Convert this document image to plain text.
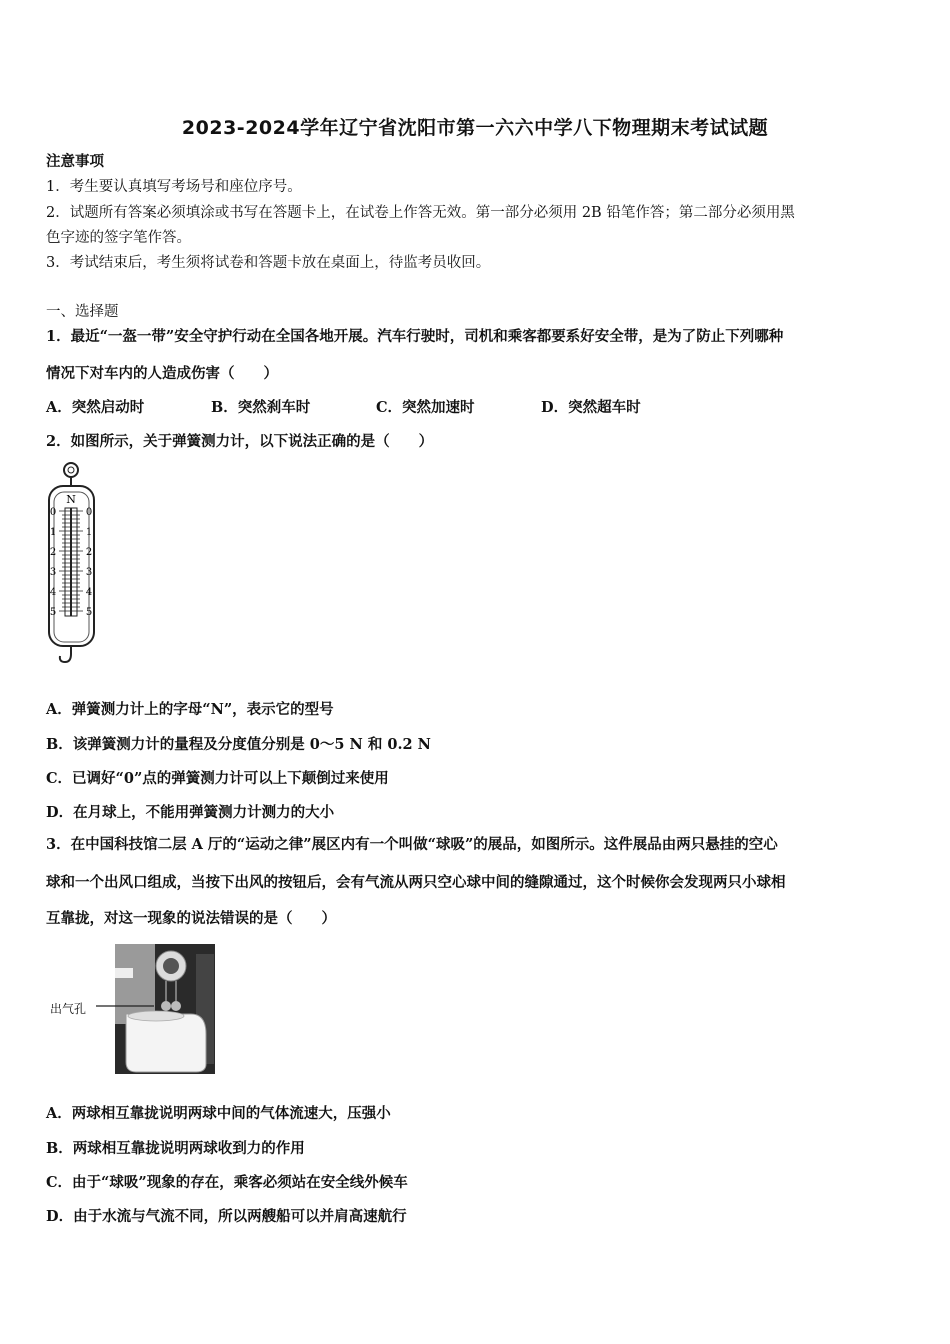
2023-2024学年辽宁省沈阳市第一六六中学八下物理期末考试试题
注意事项
1．考生要认真填写考场号和座位序号。
2．试题所有答案必须填涂或书写在答题卡上，在试卷上作答无效。第一部分必须用 2B 铅笔作答；第二部分必须用黑
色字迹的签字笔作答。
3．考试结束后，考生须将试卷和答题卡放在桌面上，待监考员收回。
一、选择题
1．最近“一盔一带”安全守护行动在全国各地开展。汽车行驶时，司机和乘客都要系好安全带，是为了防止下列哪种
情况下对车内的人造成伤害（　　）
A．突然启动时	B．突然刹车时	C．突然加速时	D．突然超车时
2．如图所示，关于弹簧测力计，以下说法正确的是（　　）
N
0
1
2
3
4
5
0
1
2
3
4
5
A．弹簧测力计上的字母“N”，表示它的型号
B．该弹簧测力计的量程及分度值分别是 0～5 N 和 0.2 N
C．已调好“0”点的弹簧测力计可以上下颠倒过来使用
D．在月球上，不能用弹簧测力计测力的大小
3．在中国科技馆二层 A 厅的“运动之律”展区内有一个叫做“球吸”的展品，如图所示。这件展品由两只悬挂的空心
球和一个出风口组成，当按下出风的按钮后，会有气流从两只空心球中间的缝隙通过，这个时候你会发现两只小球相
互靠拢，对这一现象的说法错误的是（　　）
出气孔
A．两球相互靠拢说明两球中间的气体流速大，压强小
B．两球相互靠拢说明两球收到力的作用
C．由于“球吸”现象的存在，乘客必须站在安全线外候车
D．由于水流与气流不同，所以两艘船可以并肩高速航行
